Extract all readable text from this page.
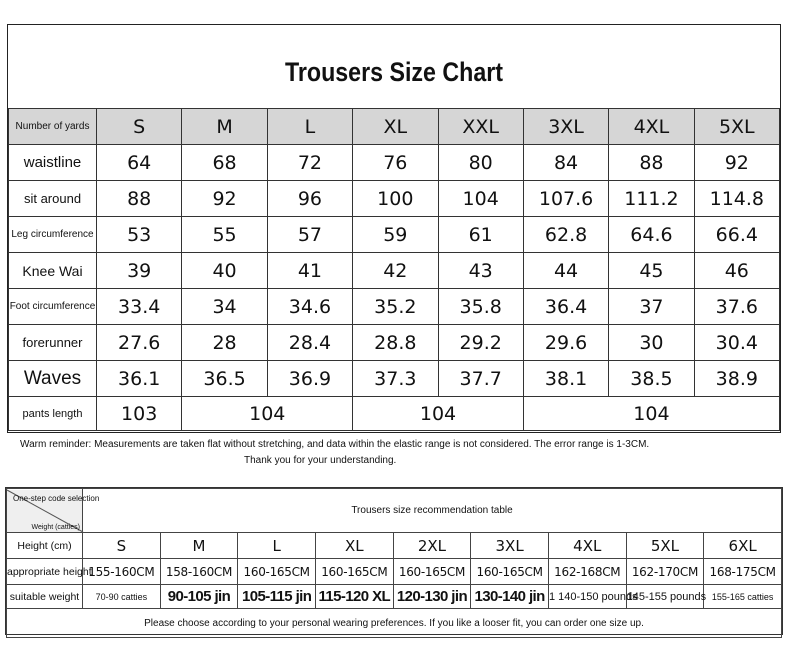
Trousers Size Chart
Number of yards	S	M	L	XL	XXL	3XL	4XL	5XL
waistline	64	68	72	76	80	84	88	92
sit around	88	92	96	100	104	107.6	111.2	114.8
Leg circumference	53	55	57	59	61	62.8	64.6	66.4
Knee Wai	39	40	41	42	43	44	45	46
Foot circumference	33.4	34	34.6	35.2	35.8	36.4	37	37.6
forerunner	27.6	28	28.4	28.8	29.2	29.6	30	30.4
Waves	36.1	36.5	36.9	37.3	37.7	38.1	38.5	38.9
pants length	103	104		104		104		
Warm reminder: Measurements are taken flat without stretching, and data within the elastic range is not considered. The error range is 1-3CM.
Thank you for your understanding.
One-step code selection
Weight (catties)	Trousers size recommendation table								
Height (cm)	S	M	L	XL	2XL	3XL	4XL	5XL	6XL
appropriate height	155-160CM	158-160CM	160-165CM	160-165CM	160-165CM	160-165CM	162-168CM	162-170CM	168-175CM
suitable weight	70-90 catties	90-105 jin	105-115 jin	115-120 XL	120-130 jin	130-140 jin	1 140-150 pounds	145-155 pounds	155-165 catties
Please choose according to your personal wearing preferences. If you like a looser fit, you can order one size up.									
